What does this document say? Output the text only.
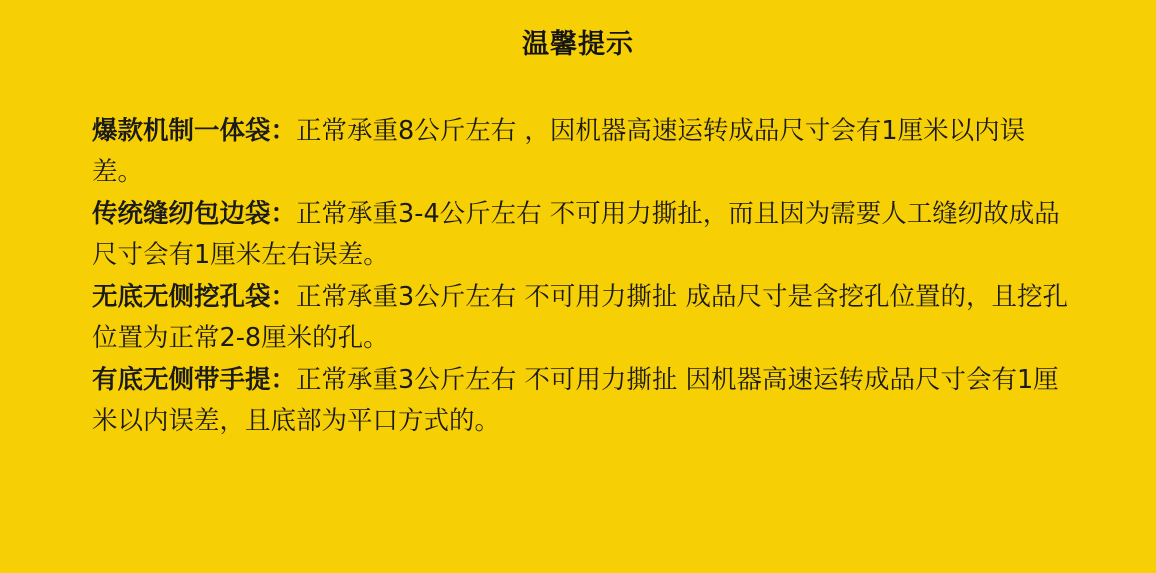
温馨提示

爆款机制一体袋：正常承重8公斤左右 ，因机器高速运转成品尺寸会有1厘米以内误差。

传统缝纫包边袋：正常承重3-4公斤左右 不可用力撕扯，而且因为需要人工缝纫故成品尺寸会有1厘米左右误差。

无底无侧挖孔袋：正常承重3公斤左右 不可用力撕扯 成品尺寸是含挖孔位置的，且挖孔位置为正常2-8厘米的孔。

有底无侧带手提：正常承重3公斤左右 不可用力撕扯 因机器高速运转成品尺寸会有1厘米以内误差，且底部为平口方式的。
